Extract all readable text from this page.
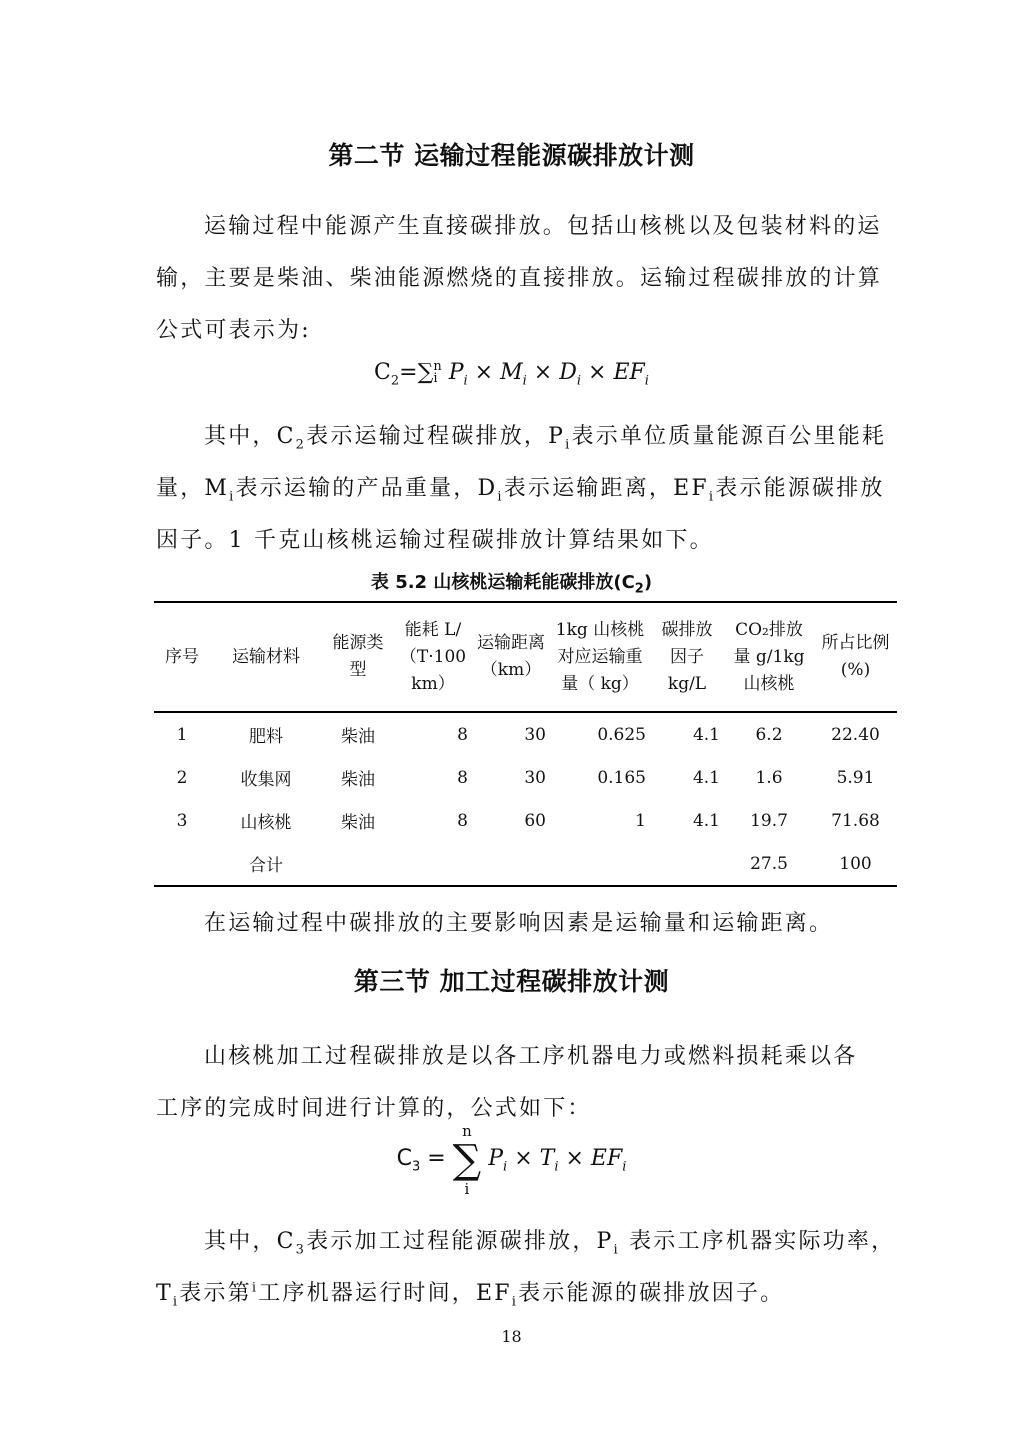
第二节 运输过程能源碳排放计测
运输过程中能源产生直接碳排放。包括山核桃以及包装材料的运
输，主要是柴油、柴油能源燃烧的直接排放。运输过程碳排放的计算
公式可表示为:
$C_2=\sum$ n
i $P_i \times M_i \times D_i \times EF_i$
其中，$C_2$表示运输过程碳排放，$P_i$表示单位质量能源百公里能耗
量，$M_i$表示运输的产品重量，$D_i$表示运输距离，$EF_i$表示能源碳排放
因子。1 千克山核桃运输过程碳排放计算结果如下。
表 5.2 山核桃运输耗能碳排放$(C_2)$
序号	运输材料	能源类型	能耗 L/（T·100 km）	运输距离（km）	1kg 山核桃对应运输重量（ kg）	碳排放因子 kg/L	CO₂排放量 g/1kg 山核桃	所占比例(%)
1	肥料	柴油	8	30	0.625	4.1	6.2	22.40
2	收集网	柴油	8	30	0.165	4.1	1.6	5.91
3	山核桃	柴油	8	60	1	4.1	19.7	71.68
	合计						27.5	100
在运输过程中碳排放的主要影响因素是运输量和运输距离。
第三节 加工过程碳排放计测
山核桃加工过程碳排放是以各工序机器电力或燃料损耗乘以各
工序的完成时间进行计算的，公式如下：
$C_3$ =
n
∑
i
$P_i \times T_i \times EF_i$
其中，$C_3$表示加工过程能源碳排放，$P_i$ 表示工序机器实际功率，
$T_i$表示第$^i$工序机器运行时间，$EF_i$表示能源的碳排放因子。
18
